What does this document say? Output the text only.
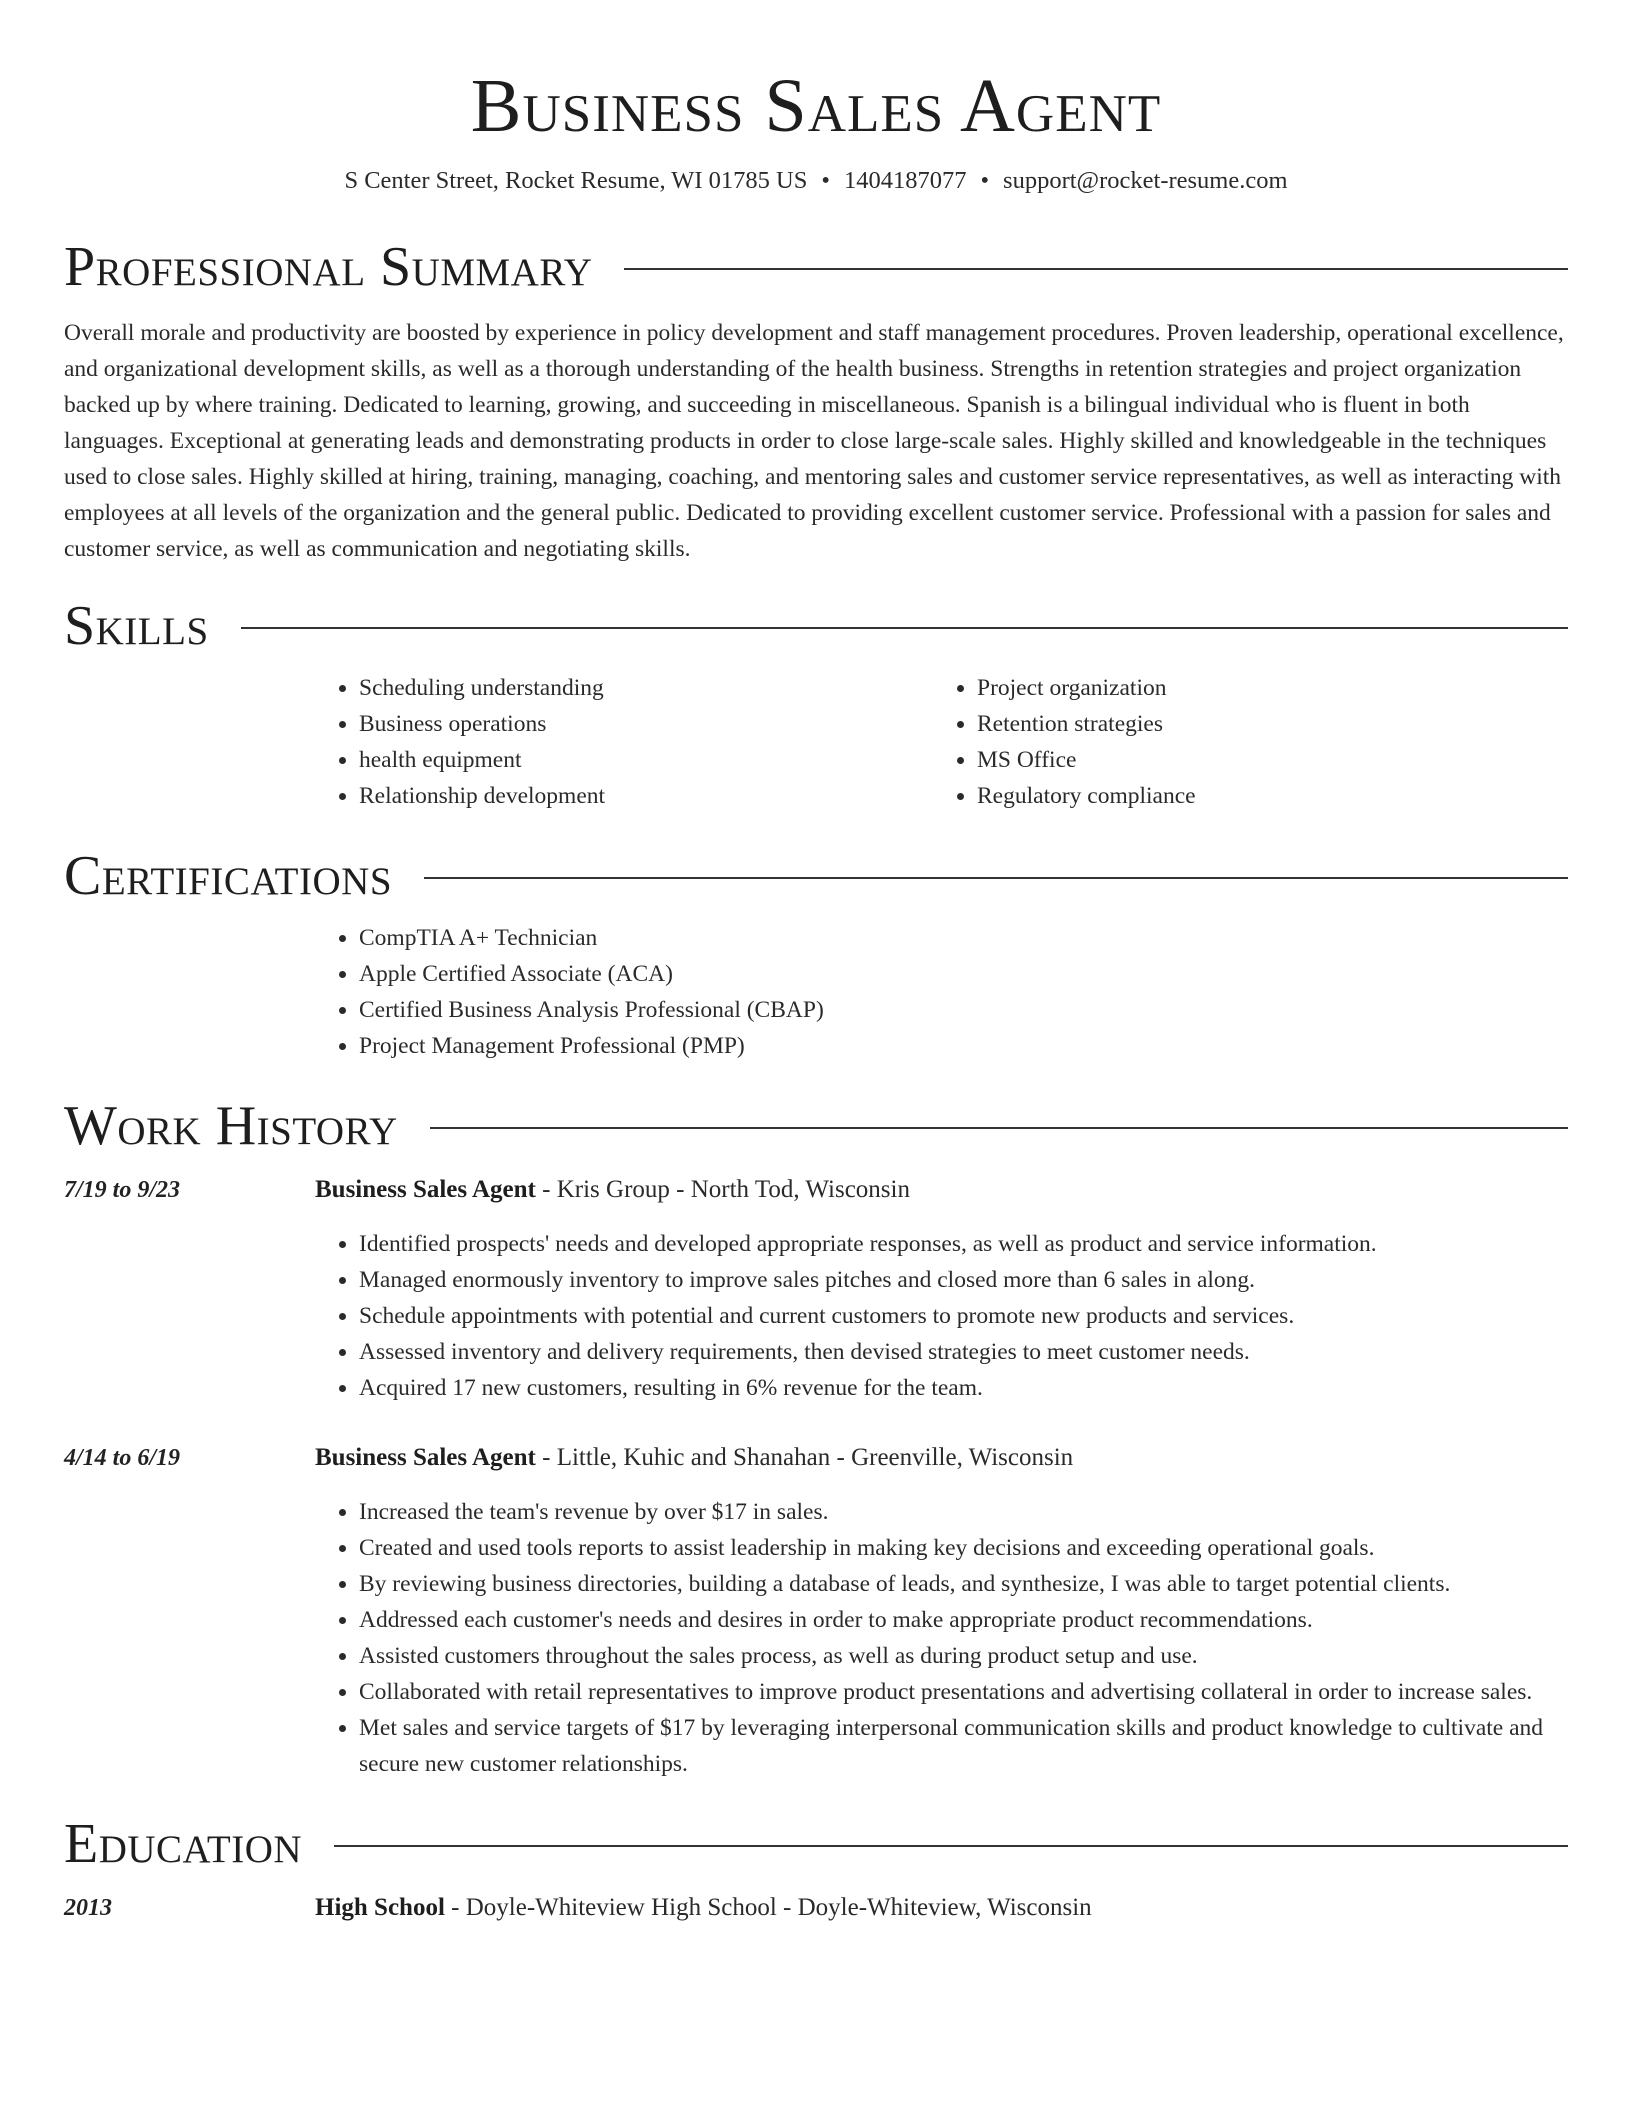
Business Sales Agent
S Center Street, Rocket Resume, WI 01785 US • 1404187077 • support@rocket-resume.com
Professional Summary

Overall morale and productivity are boosted by experience in policy development and staff management procedures. Proven leadership, operational excellence, and organizational development skills, as well as a thorough understanding of the health business. Strengths in retention strategies and project organization backed up by where training. Dedicated to learning, growing, and succeeding in miscellaneous. Spanish is a bilingual individual who is fluent in both languages. Exceptional at generating leads and demonstrating products in order to close large-scale sales. Highly skilled and knowledgeable in the techniques used to close sales. Highly skilled at hiring, training, managing, coaching, and mentoring sales and customer service representatives, as well as interacting with employees at all levels of the organization and the general public. Dedicated to providing excellent customer service. Professional with a passion for sales and customer service, as well as communication and negotiating skills.

Skills
• Scheduling understanding
• Business operations
• health equipment
• Relationship development
• Project organization
• Retention strategies
• MS Office
• Regulatory compliance
Certifications
• CompTIA A+ Technician
• Apple Certified Associate (ACA)
• Certified Business Analysis Professional (CBAP)
• Project Management Professional (PMP)
Work History
7/19 to 9/23	Business Sales Agent - Kris Group - North Tod, Wisconsin
• Identified prospects' needs and developed appropriate responses, as well as product and service information.
• Managed enormously inventory to improve sales pitches and closed more than 6 sales in along.
• Schedule appointments with potential and current customers to promote new products and services.
• Assessed inventory and delivery requirements, then devised strategies to meet customer needs.
• Acquired 17 new customers, resulting in 6% revenue for the team.
4/14 to 6/19	Business Sales Agent - Little, Kuhic and Shanahan - Greenville, Wisconsin
• Increased the team's revenue by over $17 in sales.
• Created and used tools reports to assist leadership in making key decisions and exceeding operational goals.
• By reviewing business directories, building a database of leads, and synthesize, I was able to target potential clients.
• Addressed each customer's needs and desires in order to make appropriate product recommendations.
• Assisted customers throughout the sales process, as well as during product setup and use.
• Collaborated with retail representatives to improve product presentations and advertising collateral in order to increase sales.
• Met sales and service targets of $17 by leveraging interpersonal communication skills and product knowledge to cultivate and secure new customer relationships.
Education
2013	High School - Doyle-Whiteview High School - Doyle-Whiteview, Wisconsin
